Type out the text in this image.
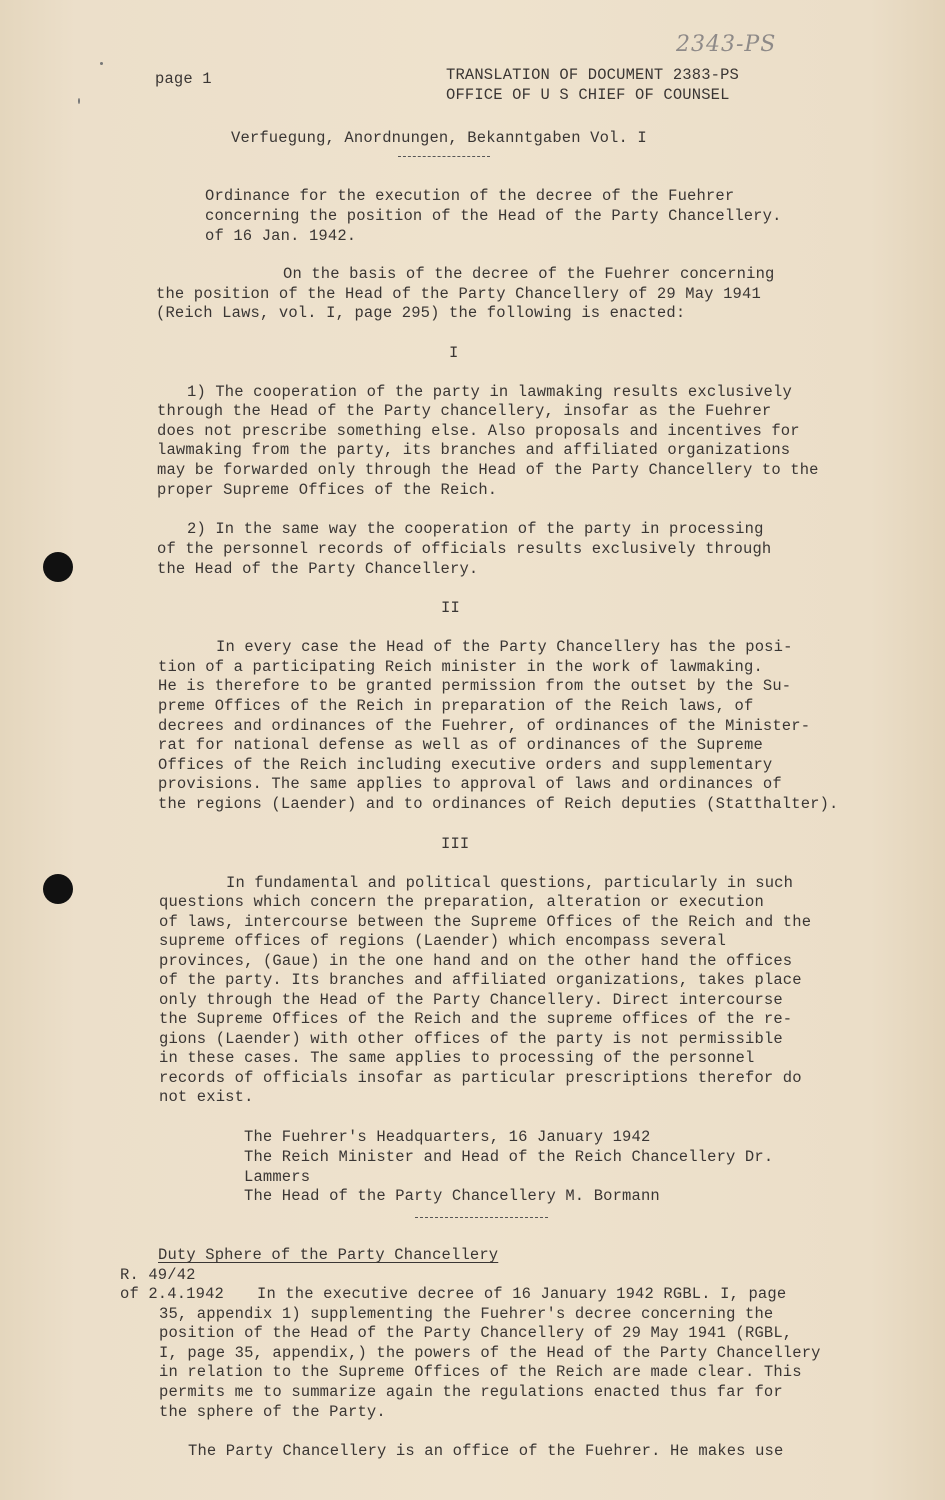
2343-PS
page 1	TRANSLATION OF DOCUMENT 2383-PS
OFFICE OF U S CHIEF OF COUNSEL
Verfuegung, Anordnungen, Bekanntgaben Vol. I
Ordinance for the execution of the decree of the Fuehrer
concerning the position of the Head of the Party Chancellery.
of 16 Jan. 1942.
On the basis of the decree of the Fuehrer concerning
the position of the Head of the Party Chancellery of 29 May 1941
(Reich Laws, vol. I, page 295) the following is enacted:
I
1) The cooperation of the party in lawmaking results exclusively
through the Head of the Party chancellery, insofar as the Fuehrer
does not prescribe something else. Also proposals and incentives for
lawmaking from the party, its branches and affiliated organizations
may be forwarded only through the Head of the Party Chancellery to the
proper Supreme Offices of the Reich.
2) In the same way the cooperation of the party in processing
of the personnel records of officials results exclusively through
the Head of the Party Chancellery.
II
In every case the Head of the Party Chancellery has the posi-
tion of a participating Reich minister in the work of lawmaking.
He is therefore to be granted permission from the outset by the Su-
preme Offices of the Reich in preparation of the Reich laws, of
decrees and ordinances of the Fuehrer, of ordinances of the Minister-
rat for national defense as well as of ordinances of the Supreme
Offices of the Reich including executive orders and supplementary
provisions. The same applies to approval of laws and ordinances of
the regions (Laender) and to ordinances of Reich deputies (Statthalter).
III
In fundamental and political questions, particularly in such
questions which concern the preparation, alteration or execution
of laws, intercourse between the Supreme Offices of the Reich and the
supreme offices of regions (Laender) which encompass several
provinces, (Gaue) in the one hand and on the other hand the offices
of the party. Its branches and affiliated organizations, takes place
only through the Head of the Party Chancellery. Direct intercourse
the Supreme Offices of the Reich and the supreme offices of the re-
gions (Laender) with other offices of the party is not permissible
in these cases. The same applies to processing of the personnel
records of officials insofar as particular prescriptions therefor do
not exist.
The Fuehrer's Headquarters, 16 January 1942
The Reich Minister and Head of the Reich Chancellery Dr.
Lammers
The Head of the Party Chancellery M. Bormann
Duty Sphere of the Party Chancellery
R. 49/42
of 2.4.1942 In the executive decree of 16 January 1942 RGBL. I, page
35, appendix 1) supplementing the Fuehrer's decree concerning the
position of the Head of the Party Chancellery of 29 May 1941 (RGBL,
I, page 35, appendix,) the powers of the Head of the Party Chancellery
in relation to the Supreme Offices of the Reich are made clear. This
permits me to summarize again the regulations enacted thus far for
the sphere of the Party.
The Party Chancellery is an office of the Fuehrer. He makes use
